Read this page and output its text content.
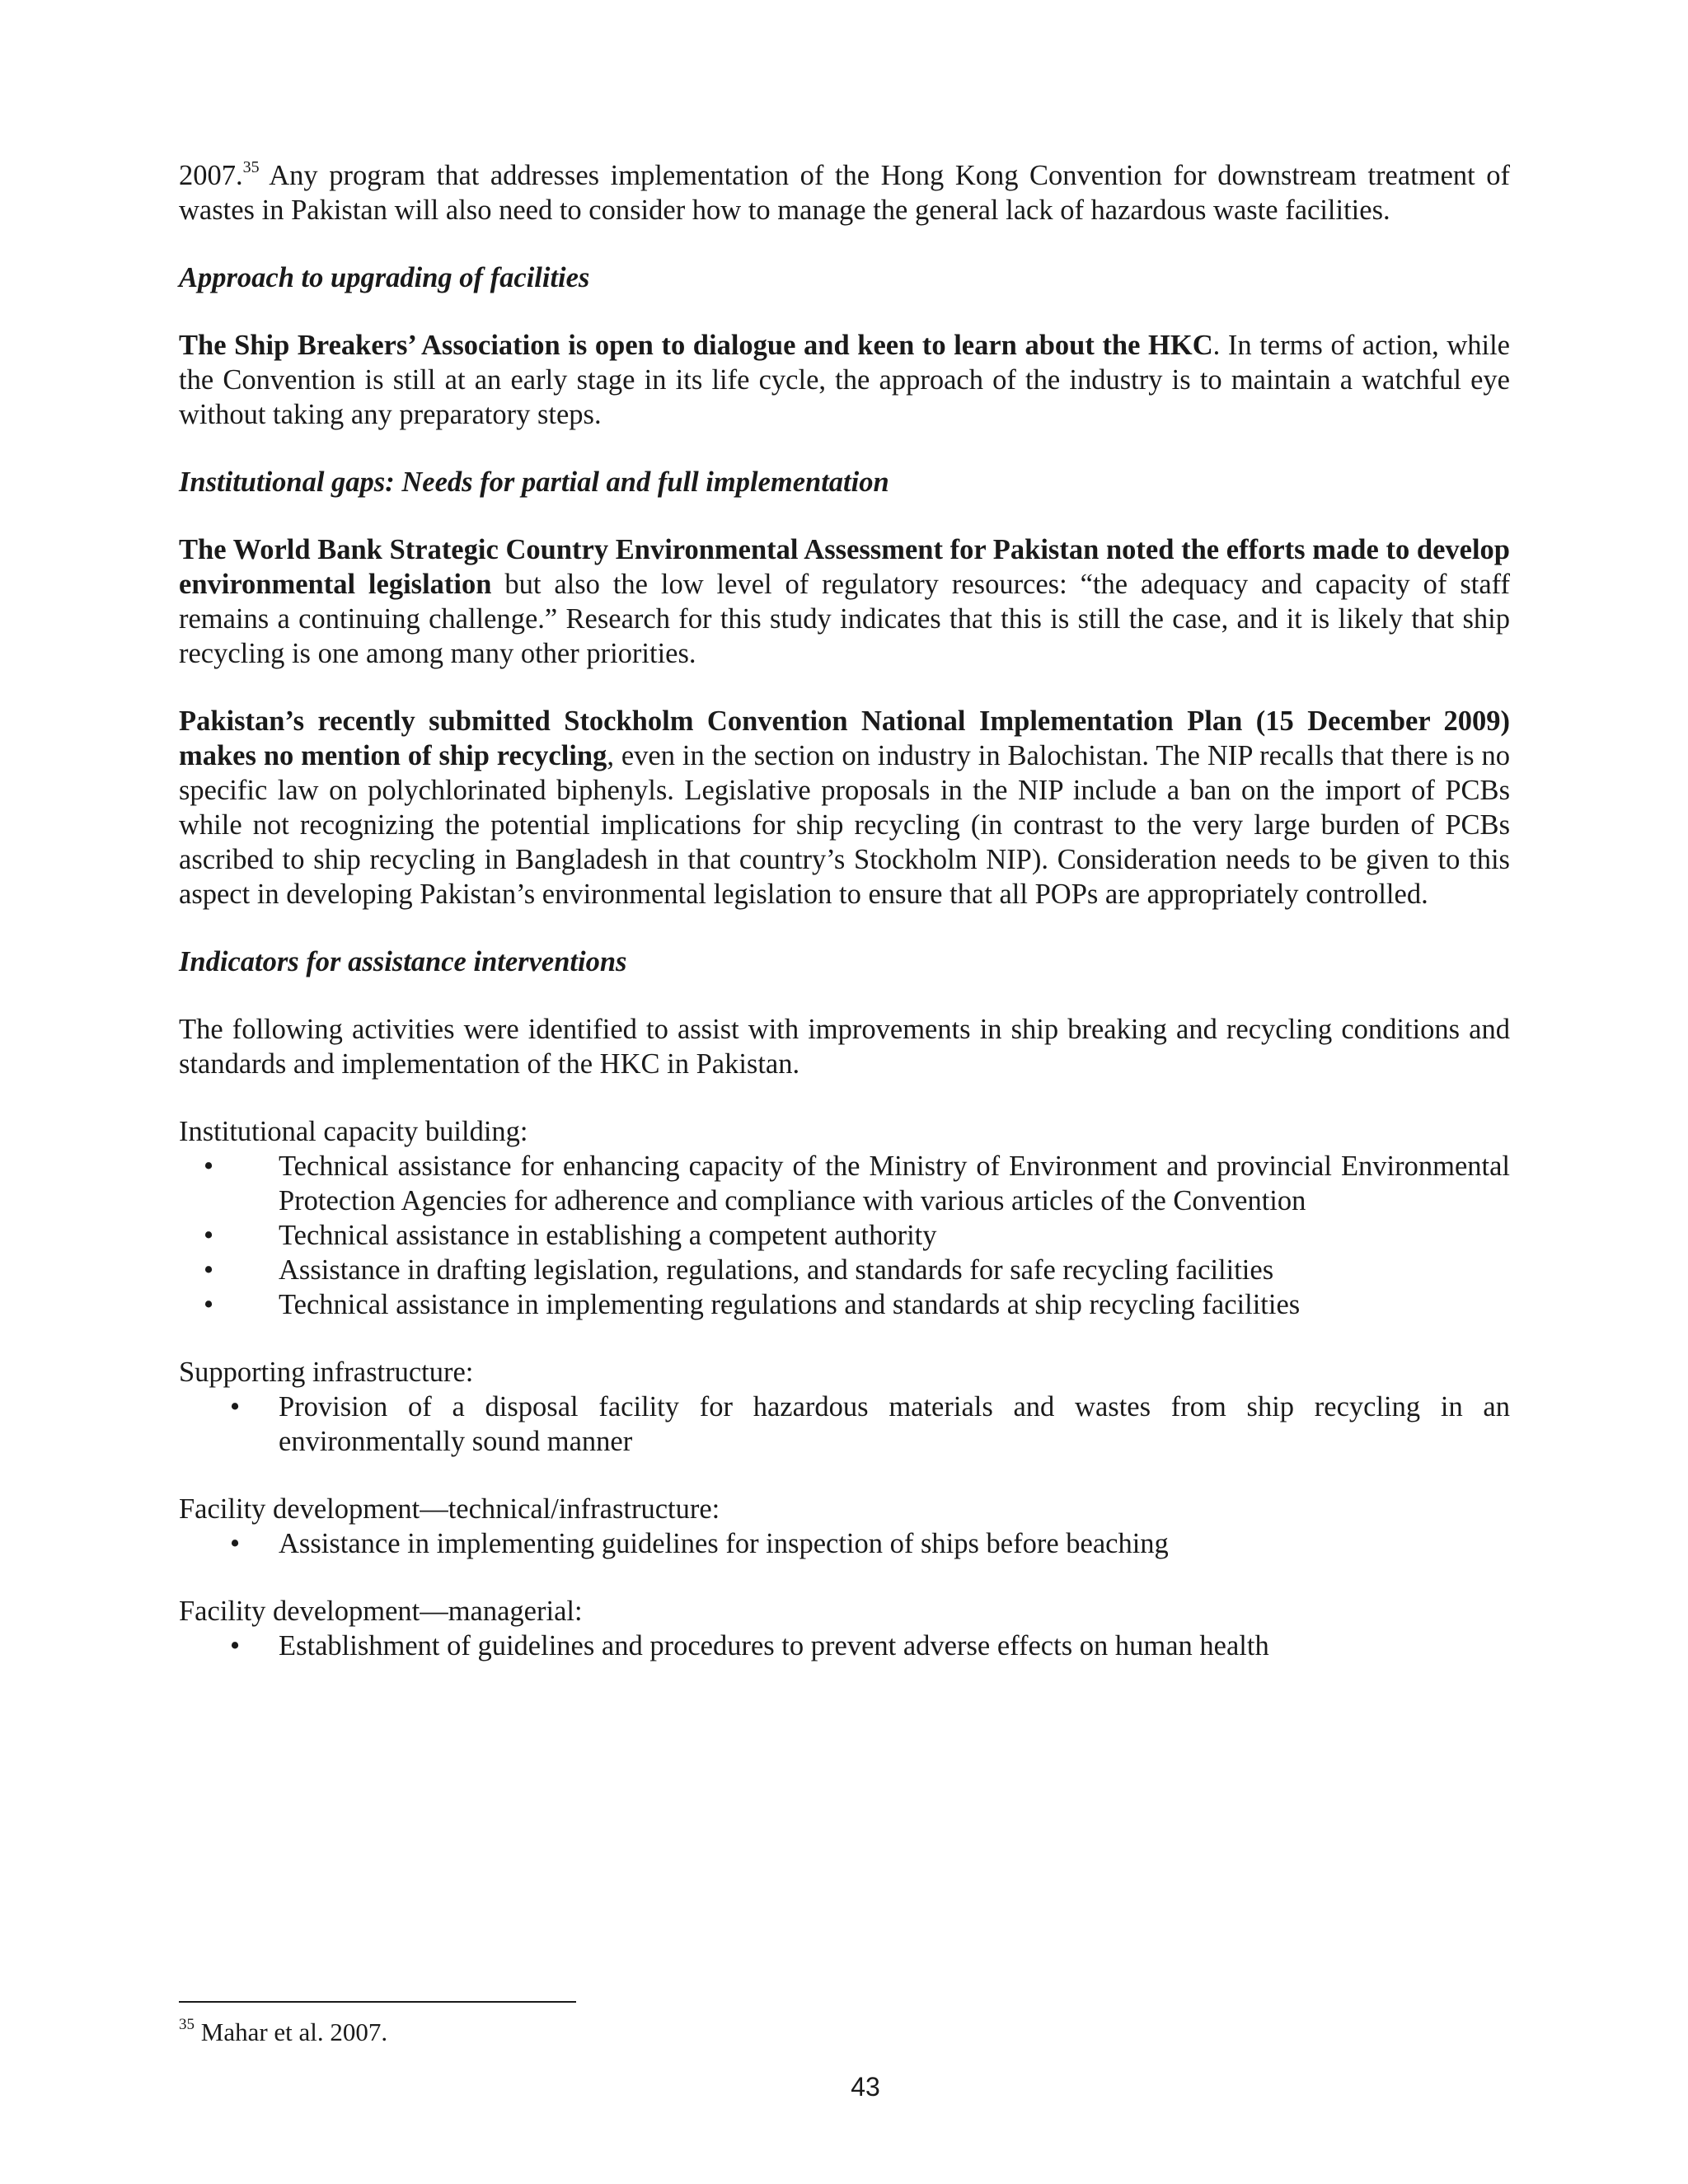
2007.35 Any program that addresses implementation of the Hong Kong Convention for downstream treatment of wastes in Pakistan will also need to consider how to manage the general lack of hazardous waste facilities.

Approach to upgrading of facilities

The Ship Breakers’ Association is open to dialogue and keen to learn about the HKC. In terms of action, while the Convention is still at an early stage in its life cycle, the approach of the industry is to maintain a watchful eye without taking any preparatory steps.

Institutional gaps: Needs for partial and full implementation

The World Bank Strategic Country Environmental Assessment for Pakistan noted the efforts made to develop environmental legislation but also the low level of regulatory resources: “the adequacy and capacity of staff remains a continuing challenge.” Research for this study indicates that this is still the case, and it is likely that ship recycling is one among many other priorities.

Pakistan’s recently submitted Stockholm Convention National Implementation Plan (15 December 2009) makes no mention of ship recycling, even in the section on industry in Balochistan. The NIP recalls that there is no specific law on polychlorinated biphenyls. Legislative proposals in the NIP include a ban on the import of PCBs while not recognizing the potential implications for ship recycling (in contrast to the very large burden of PCBs ascribed to ship recycling in Bangladesh in that country’s Stockholm NIP). Consideration needs to be given to this aspect in developing Pakistan’s environmental legislation to ensure that all POPs are appropriately controlled.

Indicators for assistance interventions

The following activities were identified to assist with improvements in ship breaking and recycling conditions and standards and implementation of the HKC in Pakistan.

Institutional capacity building:

• Technical assistance for enhancing capacity of the Ministry of Environment and provincial Environmental Protection Agencies for adherence and compliance with various articles of the Convention
• Technical assistance in establishing a competent authority
• Assistance in drafting legislation, regulations, and standards for safe recycling facilities
• Technical assistance in implementing regulations and standards at ship recycling facilities

Supporting infrastructure:

• Provision of a disposal facility for hazardous materials and wastes from ship recycling in an environmentally sound manner

Facility development—technical/infrastructure:

• Assistance in implementing guidelines for inspection of ships before beaching

Facility development—managerial:

• Establishment of guidelines and procedures to prevent adverse effects on human health
$^{35}$ Mahar et al. 2007.
43
